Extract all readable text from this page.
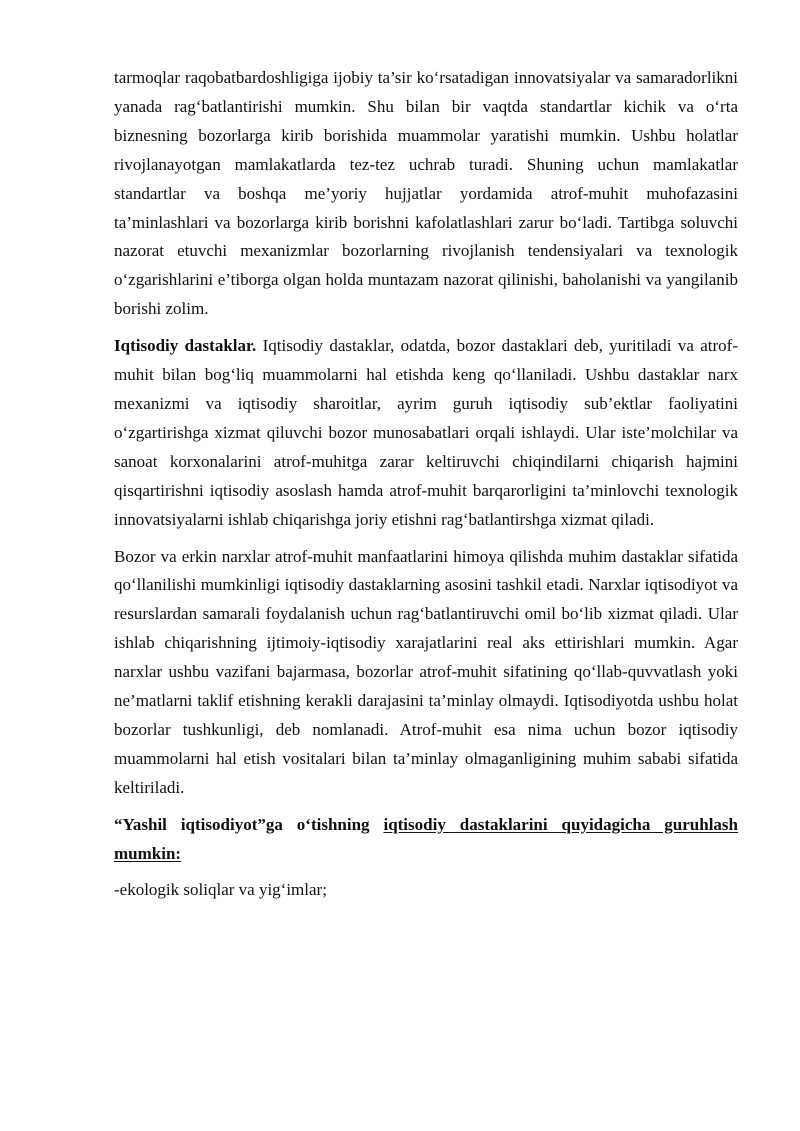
tarmoqlar raqobatbardoshligiga ijobiy ta’sir ko‘rsatadigan innovatsiyalar va samaradorlikni yanada rag‘batlantirishi mumkin. Shu bilan bir vaqtda standartlar kichik va o‘rta biznesning bozorlarga kirib borishida muammolar yaratishi mumkin. Ushbu holatlar rivojlanayotgan mamlakatlarda tez-tez uchrab turadi. Shuning uchun mamlakatlar standartlar va boshqa me’yoriy hujjatlar yordamida atrof-muhit muhofazasini ta’minlashlari va bozorlarga kirib borishni kafolatlashlari zarur bo‘ladi. Tartibga soluvchi nazorat etuvchi mexanizmlar bozorlarning rivojlanish tendensiyalari va texnologik o‘zgarishlarini e’tiborga olgan holda muntazam nazorat qilinishi, baholanishi va yangilanib borishi zolim.

Iqtisodiy dastaklar. Iqtisodiy dastaklar, odatda, bozor dastaklari deb, yuritiladi va atrof-muhit bilan bog‘liq muammolarni hal etishda keng qo‘llaniladi. Ushbu dastaklar narx mexanizmi va iqtisodiy sharoitlar, ayrim guruh iqtisodiy sub’ektlar faoliyatini o‘zgartirishga xizmat qiluvchi bozor munosabatlari orqali ishlaydi. Ular iste’molchilar va sanoat korxonalarini atrof-muhitga zarar keltiruvchi chiqindilarni chiqarish hajmini qisqartirishni iqtisodiy asoslash hamda atrof-muhit barqarorligini ta’minlovchi texnologik innovatsiyalarni ishlab chiqarishga joriy etishni rag‘batlantirshga xizmat qiladi.

Bozor va erkin narxlar atrof-muhit manfaatlarini himoya qilishda muhim dastaklar sifatida qo‘llanilishi mumkinligi iqtisodiy dastaklarning asosini tashkil etadi. Narxlar iqtisodiyot va resurslardan samarali foydalanish uchun rag‘batlantiruvchi omil bo‘lib xizmat qiladi. Ular ishlab chiqarishning ijtimoiy-iqtisodiy xarajatlarini real aks ettirishlari mumkin. Agar narxlar ushbu vazifani bajarmasa, bozorlar atrof-muhit sifatining qo‘llab-quvvatlash yoki ne’matlarni taklif etishning kerakli darajasini ta’minlay olmaydi. Iqtisodiyotda ushbu holat bozorlar tushkunligi, deb nomlanadi. Atrof-muhit esa nima uchun bozor iqtisodiy muammolarni hal etish vositalari bilan ta’minlay olmaganligining muhim sababi sifatida keltiriladi.

“Yashil iqtisodiyot”ga o‘tishning iqtisodiy dastaklarini quyidagicha guruhlash mumkin:

-ekologik soliqlar va yig‘imlar;
